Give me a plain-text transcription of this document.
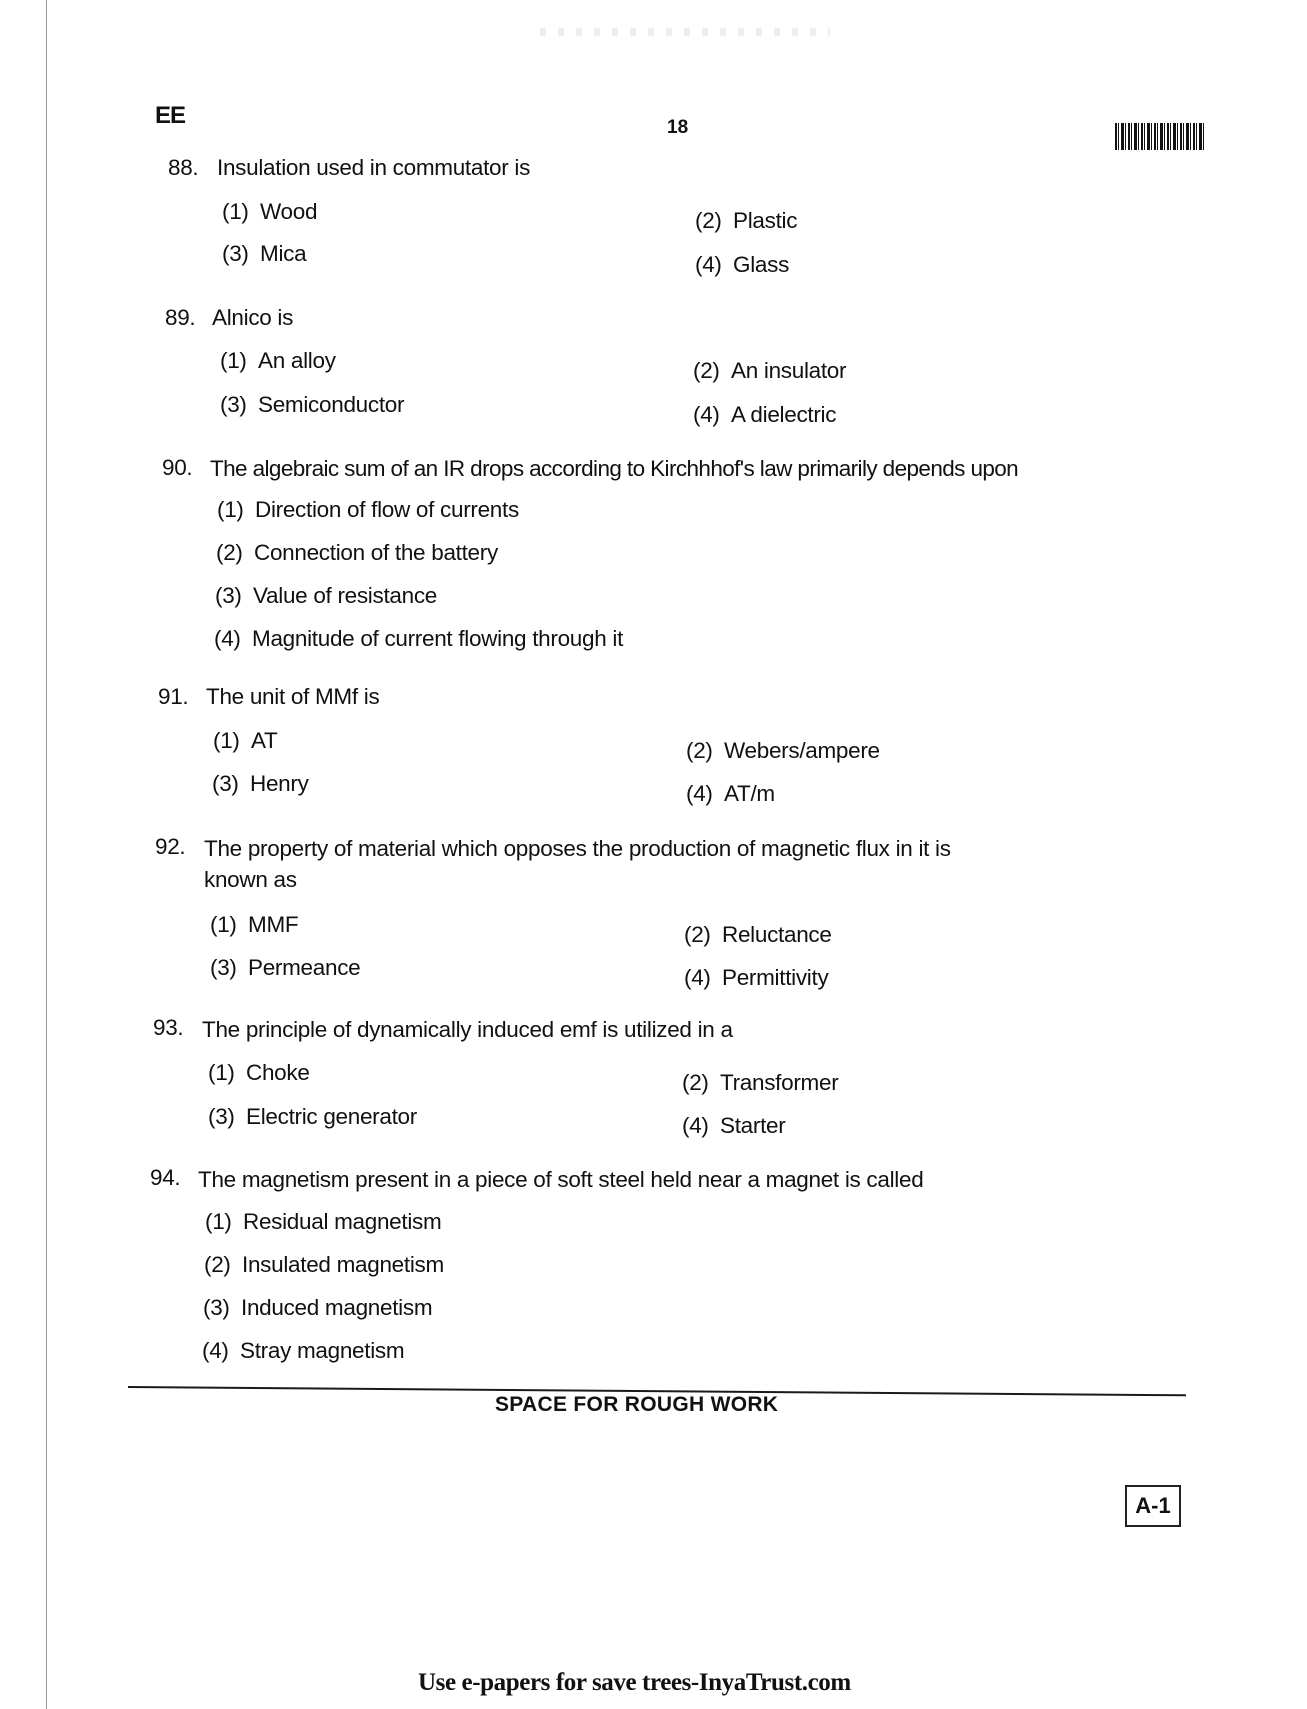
EE	18
88. Insulation used in commutator is
(1) Wood	(2) Plastic
(3) Mica	(4) Glass
89. Alnico is
(1) An alloy	(2) An insulator
(3) Semiconductor	(4) A dielectric
90. The algebraic sum of an IR drops according to Kirchhhof's law primarily depends upon
(1) Direction of flow of currents
(2) Connection of the battery
(3) Value of resistance
(4) Magnitude of current flowing through it
91. The unit of MMf is
(1) AT	(2) Webers/ampere
(3) Henry	(4) AT/m
92. The property of material which opposes the production of magnetic flux in it is
known as
(1) MMF	(2) Reluctance
(3) Permeance	(4) Permittivity
93. The principle of dynamically induced emf is utilized in a
(1) Choke	(2) Transformer
(3) Electric generator	(4) Starter
94. The magnetism present in a piece of soft steel held near a magnet is called
(1) Residual magnetism
(2) Insulated magnetism
(3) Induced magnetism
(4) Stray magnetism
SPACE FOR ROUGH WORK
A-1
Use e-papers for save trees-InyaTrust.com
